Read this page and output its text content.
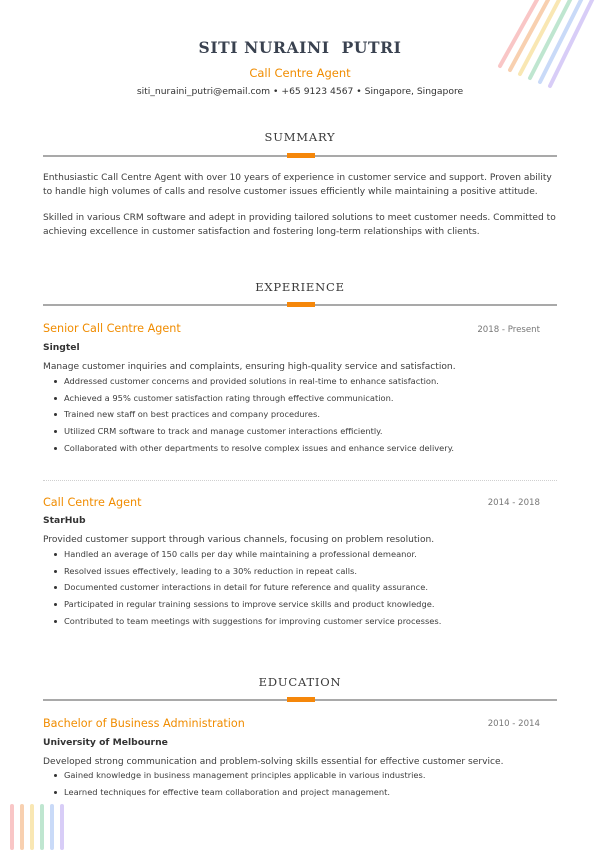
SITI NURAINI  PUTRI
Call Centre Agent
siti_nuraini_putri@email.com • +65 9123 4567 • Singapore, Singapore
SUMMARY
Enthusiastic Call Centre Agent with over 10 years of experience in customer service and support. Proven ability to handle high volumes of calls and resolve customer issues efficiently while maintaining a positive attitude.
Skilled in various CRM software and adept in providing tailored solutions to meet customer needs. Committed to achieving excellence in customer satisfaction and fostering long-term relationships with clients.
EXPERIENCE
Senior Call Centre Agent	2018 - Present
Singtel
Manage customer inquiries and complaints, ensuring high-quality service and satisfaction.
Addressed customer concerns and provided solutions in real-time to enhance satisfaction.
Achieved a 95% customer satisfaction rating through effective communication.
Trained new staff on best practices and company procedures.
Utilized CRM software to track and manage customer interactions efficiently.
Collaborated with other departments to resolve complex issues and enhance service delivery.
Call Centre Agent	2014 - 2018
StarHub
Provided customer support through various channels, focusing on problem resolution.
Handled an average of 150 calls per day while maintaining a professional demeanor.
Resolved issues effectively, leading to a 30% reduction in repeat calls.
Documented customer interactions in detail for future reference and quality assurance.
Participated in regular training sessions to improve service skills and product knowledge.
Contributed to team meetings with suggestions for improving customer service processes.
EDUCATION
Bachelor of Business Administration	2010 - 2014
University of Melbourne
Developed strong communication and problem-solving skills essential for effective customer service.
Gained knowledge in business management principles applicable in various industries.
Learned techniques for effective team collaboration and project management.
